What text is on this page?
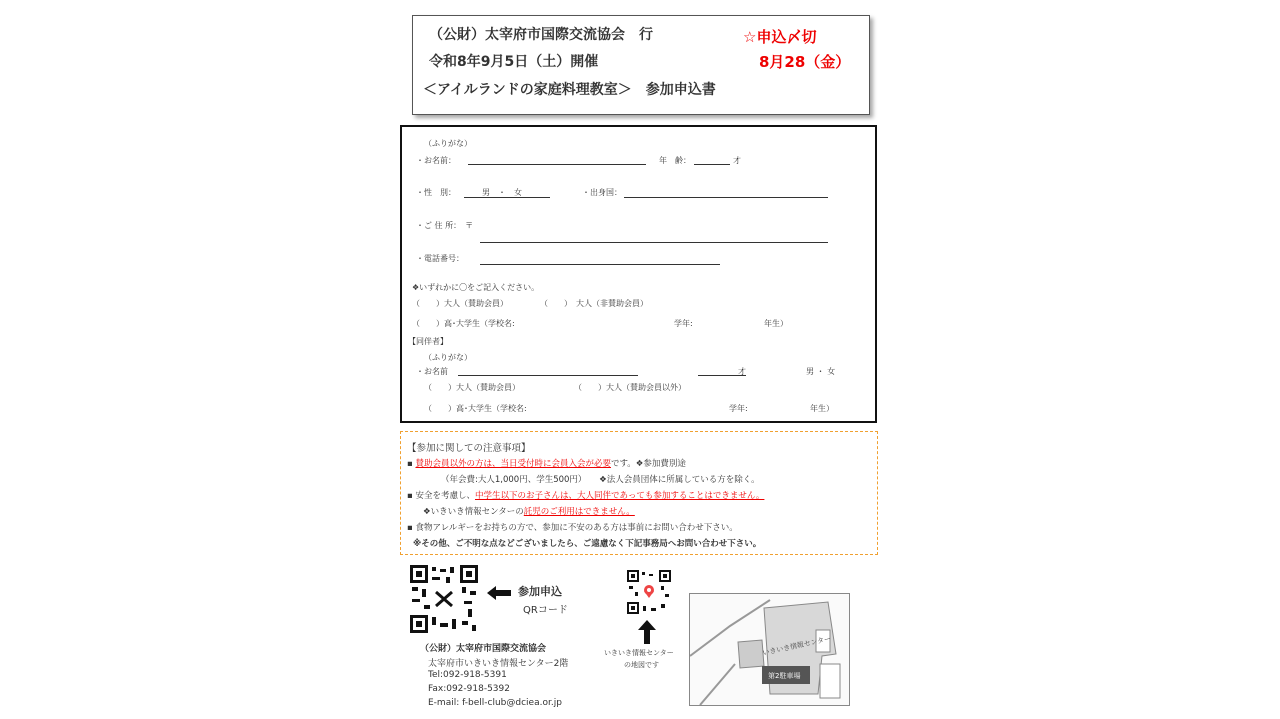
（公財）太宰府市国際交流協会　行
令和8年9月5日（土）開催
＜アイルランドの家庭料理教室＞　参加申込書
☆申込〆切
8月28（金）
（ふりがな）
・お名前：	年　齢：	才
・性　別：	男　・　女	・出身国：
・ご 住 所：　〒
・電話番号：
❖いずれかに〇をご記入ください。
（　　）大人（賛助会員）	（　　）　大人（非賛助会員）
（　　）高･大学生（学校名:	学年:	年生）
【同伴者】
（ふりがな）
・お名前	才	男 ・ 女
（　　）大人（賛助会員）	（　　）大人（賛助会員以外）
（　　）高･大学生（学校名:	学年:	年生）
【参加に関しての注意事項】
▪ 賛助会員以外の方は、当日受付時に会員入会が必要です。❖参加費別途
（年会費:大人1,000円、学生500円）　　❖法人会員団体に所属している方を除く。
▪ 安全を考慮し、中学生以下のお子さんは、大人同伴であっても参加することはできません。
❖いきいき情報センターの託児のご利用はできません。
▪ 食物アレルギーをお持ちの方で、参加に不安のある方は事前にお問い合わせ下さい。
※その他、ご不明な点などございましたら、ご遠慮なく下記事務局へお問い合わせ下さい。
参加申込
QRコード
いきいき情報センター
の地図です
（公財）太宰府市国際交流協会
太宰府市いきいき情報センター2階
Tel:092-918-5391
Fax:092-918-5392
E-mail: f-bell-club@dciea.or.jp
いきいき情報センター
第2駐車場
